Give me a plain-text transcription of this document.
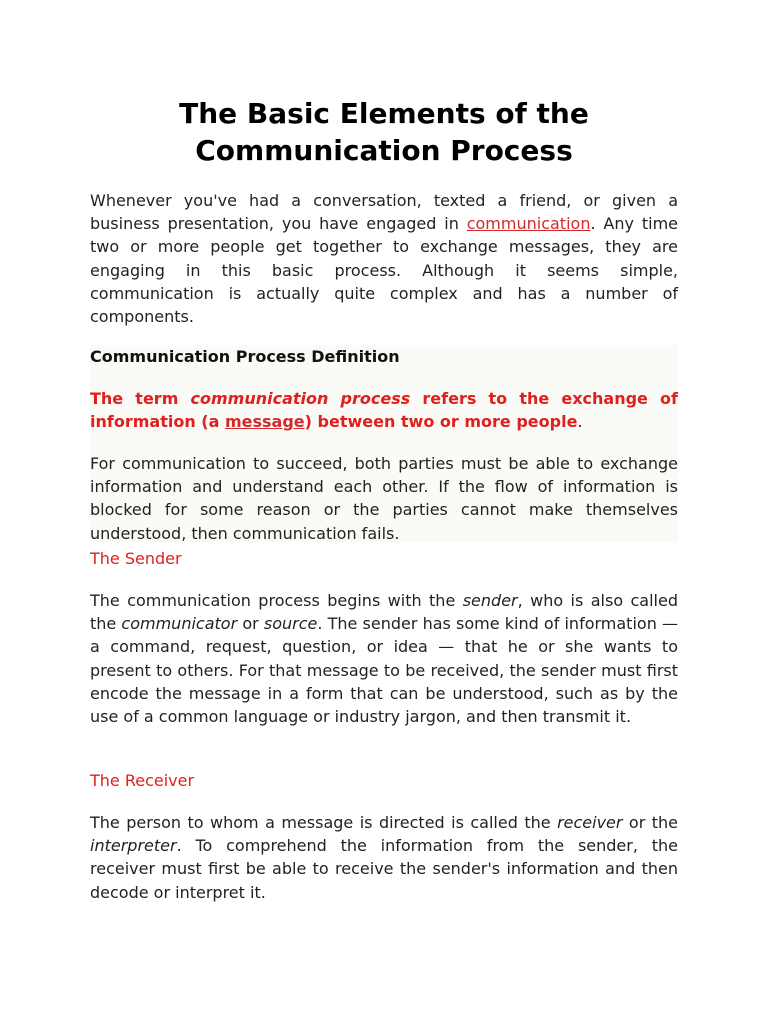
The Basic Elements of the
Communication Process

Whenever you've had a conversation, texted a friend, or given a business presentation, you have engaged in communication. Any time two or more people get together to exchange messages, they are engaging in this basic process. Although it seems simple, communication is actually quite complex and has a number of components.

Communication Process Definition

The term communication process refers to the exchange of information (a message) between two or more people.

For communication to succeed, both parties must be able to exchange information and understand each other. If the flow of information is blocked for some reason or the parties cannot make themselves understood, then communication fails.

The Sender

The communication process begins with the sender, who is also called the communicator or source. The sender has some kind of information — a command, request, question, or idea — that he or she wants to present to others. For that message to be received, the sender must first encode the message in a form that can be understood, such as by the use of a common language or industry jargon, and then transmit it.

The Receiver

The person to whom a message is directed is called the receiver or the interpreter. To comprehend the information from the sender, the receiver must first be able to receive the sender's information and then decode or interpret it.
